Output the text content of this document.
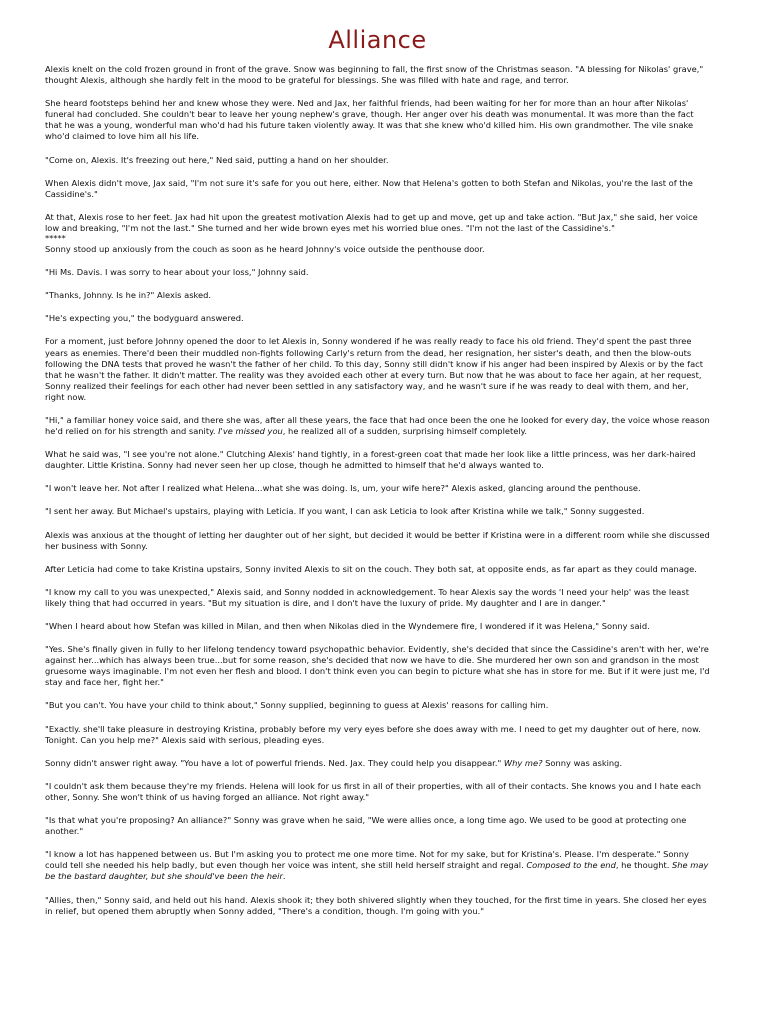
Alliance

Alexis knelt on the cold frozen ground in front of the grave. Snow was beginning to fall, the first snow of the Christmas season. "A blessing for Nikolas' grave," thought Alexis, although she hardly felt in the mood to be grateful for blessings. She was filled with hate and rage, and terror.

She heard footsteps behind her and knew whose they were. Ned and Jax, her faithful friends, had been waiting for her for more than an hour after Nikolas' funeral had concluded. She couldn't bear to leave her young nephew's grave, though. Her anger over his death was monumental. It was more than the fact that he was a young, wonderful man who'd had his future taken violently away. It was that she knew who'd killed him. His own grandmother. The vile snake who'd claimed to love him all his life.

"Come on, Alexis. It's freezing out here," Ned said, putting a hand on her shoulder.

When Alexis didn't move, Jax said, "I'm not sure it's safe for you out here, either. Now that Helena's gotten to both Stefan and Nikolas, you're the last of the Cassidine's."

At that, Alexis rose to her feet. Jax had hit upon the greatest motivation Alexis had to get up and move, get up and take action. "But Jax," she said, her voice low and breaking, "I'm not the last." She turned and her wide brown eyes met his worried blue ones. "I'm not the last of the Cassidine's."

*****

Sonny stood up anxiously from the couch as soon as he heard Johnny's voice outside the penthouse door.

"Hi Ms. Davis. I was sorry to hear about your loss," Johnny said.

"Thanks, Johnny. Is he in?" Alexis asked.

"He's expecting you," the bodyguard answered.

For a moment, just before Johnny opened the door to let Alexis in, Sonny wondered if he was really ready to face his old friend. They'd spent the past three years as enemies. There'd been their muddled non-fights following Carly's return from the dead, her resignation, her sister's death, and then the blow-outs following the DNA tests that proved he wasn't the father of her child. To this day, Sonny still didn't know if his anger had been inspired by Alexis or by the fact that he wasn't the father. It didn't matter. The reality was they avoided each other at every turn. But now that he was about to face her again, at her request, Sonny realized their feelings for each other had never been settled in any satisfactory way, and he wasn't sure if he was ready to deal with them, and her, right now.

"Hi," a familiar honey voice said, and there she was, after all these years, the face that had once been the one he looked for every day, the voice whose reason he'd relied on for his strength and sanity. I've missed you, he realized all of a sudden, surprising himself completely.

What he said was, "I see you're not alone." Clutching Alexis' hand tightly, in a forest-green coat that made her look like a little princess, was her dark-haired daughter. Little Kristina. Sonny had never seen her up close, though he admitted to himself that he'd always wanted to.

"I won't leave her. Not after I realized what Helena...what she was doing. Is, um, your wife here?" Alexis asked, glancing around the penthouse.

"I sent her away. But Michael's upstairs, playing with Leticia. If you want, I can ask Leticia to look after Kristina while we talk," Sonny suggested.

Alexis was anxious at the thought of letting her daughter out of her sight, but decided it would be better if Kristina were in a different room while she discussed her business with Sonny.

After Leticia had come to take Kristina upstairs, Sonny invited Alexis to sit on the couch. They both sat, at opposite ends, as far apart as they could manage.

"I know my call to you was unexpected," Alexis said, and Sonny nodded in acknowledgement. To hear Alexis say the words 'I need your help' was the least likely thing that had occurred in years. "But my situation is dire, and I don't have the luxury of pride. My daughter and I are in danger."

"When I heard about how Stefan was killed in Milan, and then when Nikolas died in the Wyndemere fire, I wondered if it was Helena," Sonny said.

"Yes. She's finally given in fully to her lifelong tendency toward psychopathic behavior. Evidently, she's decided that since the Cassidine's aren't with her, we're against her...which has always been true...but for some reason, she's decided that now we have to die. She murdered her own son and grandson in the most gruesome ways imaginable. I'm not even her flesh and blood. I don't think even you can begin to picture what she has in store for me. But if it were just me, I'd stay and face her, fight her."

"But you can't. You have your child to think about," Sonny supplied, beginning to guess at Alexis' reasons for calling him.

"Exactly. she'll take pleasure in destroying Kristina, probably before my very eyes before she does away with me. I need to get my daughter out of here, now. Tonight. Can you help me?" Alexis said with serious, pleading eyes.

Sonny didn't answer right away. "You have a lot of powerful friends. Ned. Jax. They could help you disappear." Why me? Sonny was asking.

"I couldn't ask them because they're my friends. Helena will look for us first in all of their properties, with all of their contacts. She knows you and I hate each other, Sonny. She won't think of us having forged an alliance. Not right away."

"Is that what you're proposing? An alliance?" Sonny was grave when he said, "We were allies once, a long time ago. We used to be good at protecting one another."

"I know a lot has happened between us. But I'm asking you to protect me one more time. Not for my sake, but for Kristina's. Please. I'm desperate." Sonny could tell she needed his help badly, but even though her voice was intent, she still held herself straight and regal. Composed to the end, he thought. She may be the bastard daughter, but she should've been the heir.

"Allies, then," Sonny said, and held out his hand. Alexis shook it; they both shivered slightly when they touched, for the first time in years. She closed her eyes in relief, but opened them abruptly when Sonny added, "There's a condition, though. I'm going with you."
